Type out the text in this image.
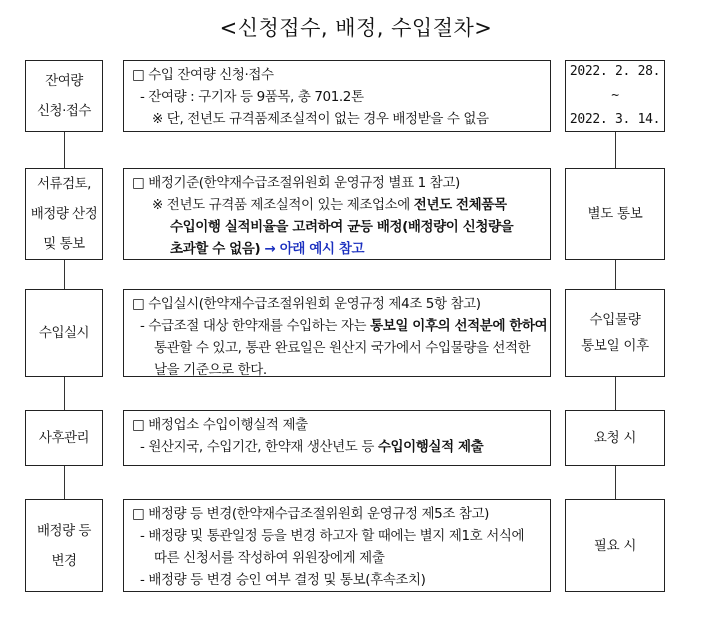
<신청접수, 배정, 수입절차>
잔여량
신청·접수
□ 수입 잔여량 신청·접수
- 잔여량 : 구기자 등 9품목, 총 701.2톤
※ 단, 전년도 규격품제조실적이 없는 경우 배정받을 수 없음
2022. 2. 28.
~
2022. 3. 14.
서류검토,
배정량 산정
및 통보
□ 배정기준(한약재수급조절위원회 운영규정 별표 1 참고)
※ 전년도 규격품 제조실적이 있는 제조업소에 전년도 전체품목
수입이행 실적비율을 고려하여 균등 배정(배정량이 신청량을
초과할 수 없음) → 아래 예시 참고
별도 통보
수입실시
□ 수입실시(한약재수급조절위원회 운영규정 제4조 5항 참고)
- 수급조절 대상 한약재를 수입하는 자는 통보일 이후의 선적분에 한하여
통관할 수 있고, 통관 완료일은 원산지 국가에서 수입물량을 선적한
날을 기준으로 한다.
수입물량
통보일 이후
사후관리
□ 배정업소 수입이행실적 제출
- 원산지국, 수입기간, 한약재 생산년도 등 수입이행실적 제출
요청 시
배정량 등
변경
□ 배정량 등 변경(한약재수급조절위원회 운영규정 제5조 참고)
- 배정량 및 통관일정 등을 변경 하고자 할 때에는 별지 제1호 서식에
따른 신청서를 작성하여 위원장에게 제출
- 배정량 등 변경 승인 여부 결정 및 통보(후속조치)
필요 시
